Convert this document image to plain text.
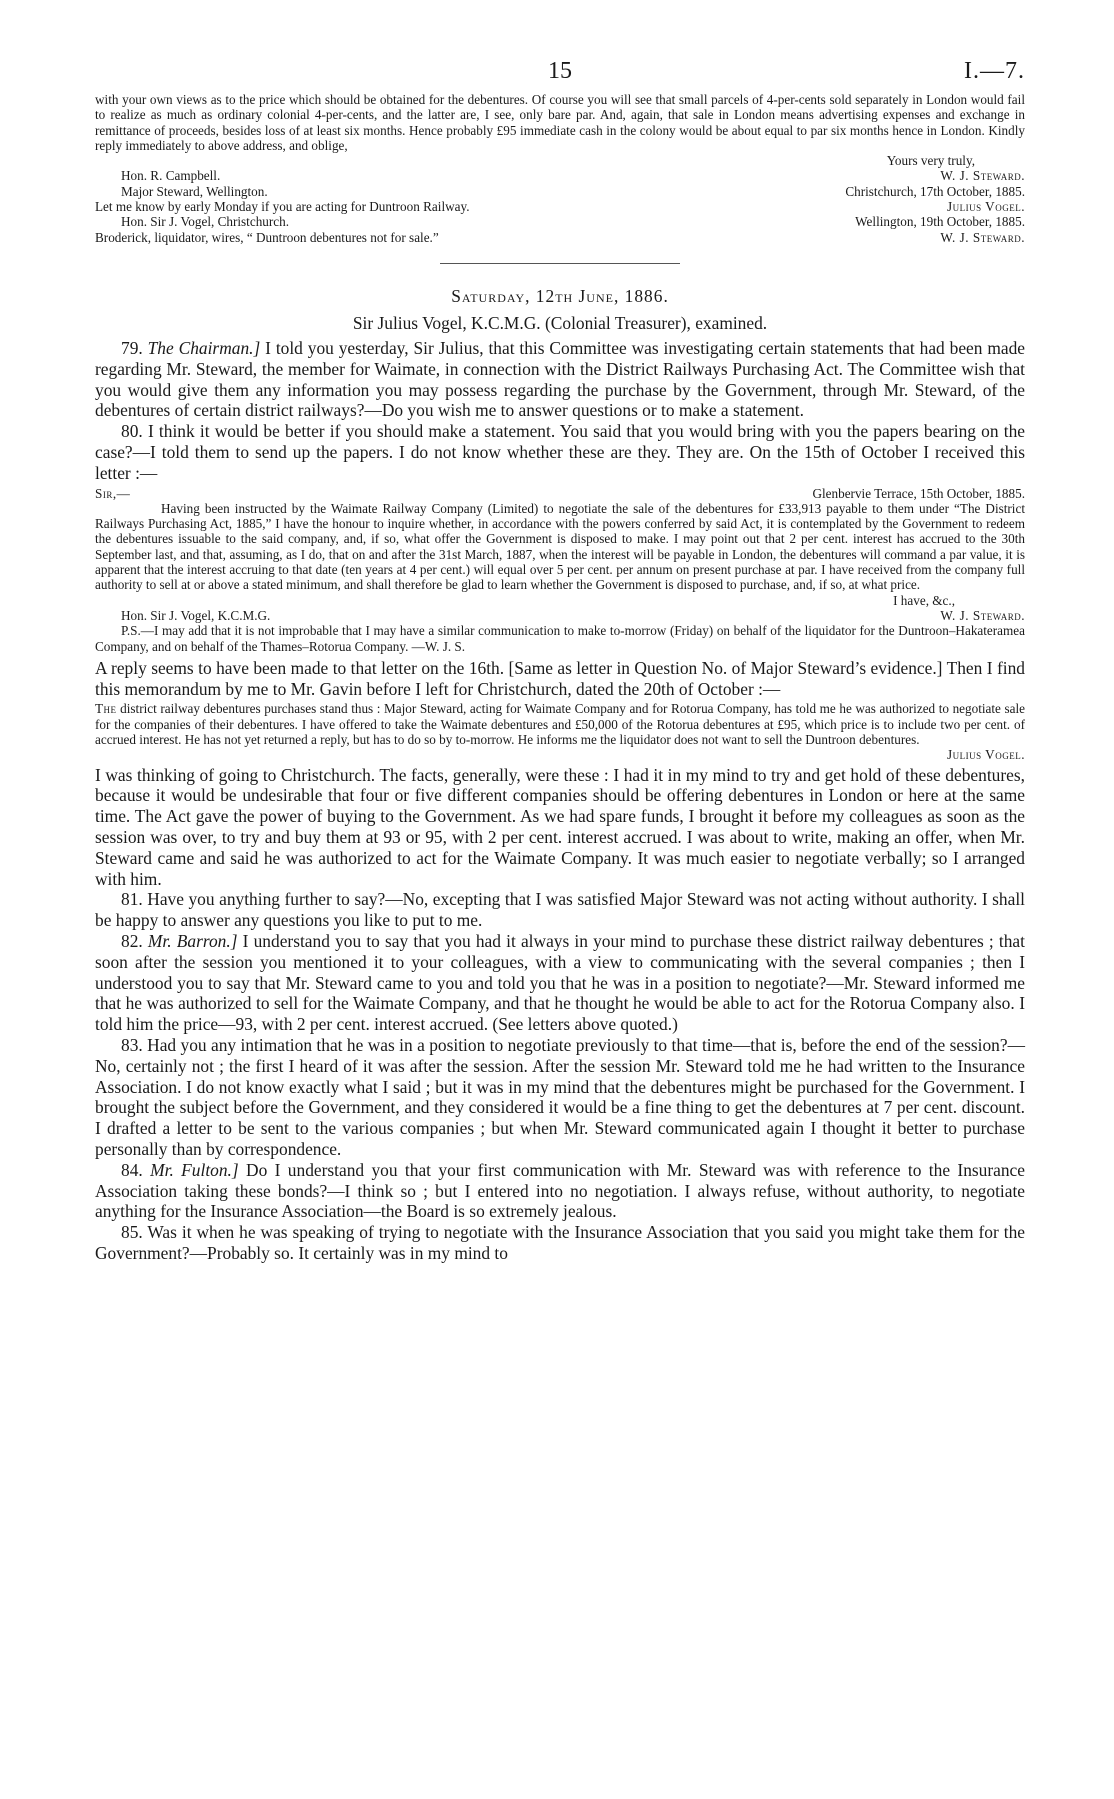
15	I.—7.

with your own views as to the price which should be obtained for the debentures. Of course you will see that small parcels of 4-per-cents sold separately in London would fail to realize as much as ordinary colonial 4-per-cents, and the latter are, I see, only bare par. And, again, that sale in London means advertising expenses and exchange in remittance of proceeds, besides loss of at least six months. Hence probably £95 immediate cash in the colony would be about equal to par six months hence in London. Kindly reply immediately to above address, and oblige,

Yours very truly,
Hon. R. Campbell.	W. J. Steward.
Major Steward, Wellington.	Christchurch, 17th October, 1885.
Let me know by early Monday if you are acting for Duntroon Railway.	Julius Vogel.
Hon. Sir J. Vogel, Christchurch.	Wellington, 19th October, 1885.
Broderick, liquidator, wires, “ Duntroon debentures not for sale.”	W. J. Steward.
Saturday, 12th June, 1886.
Sir Julius Vogel, K.C.M.G. (Colonial Treasurer), examined.

79. The Chairman.] I told you yesterday, Sir Julius, that this Committee was investigating certain statements that had been made regarding Mr. Steward, the member for Waimate, in connection with the District Railways Purchasing Act. The Committee wish that you would give them any information you may possess regarding the purchase by the Government, through Mr. Steward, of the debentures of certain district railways?—Do you wish me to answer questions or to make a statement.

80. I think it would be better if you should make a statement. You said that you would bring with you the papers bearing on the case?—I told them to send up the papers. I do not know whether these are they. They are. On the 15th of October I received this letter :—

Sir,—	Glenbervie Terrace, 15th October, 1885.

Having been instructed by the Waimate Railway Company (Limited) to negotiate the sale of the debentures for £33,913 payable to them under “The District Railways Purchasing Act, 1885,” I have the honour to inquire whether, in accordance with the powers conferred by said Act, it is contemplated by the Government to redeem the debentures issuable to the said company, and, if so, what offer the Government is disposed to make. I may point out that 2 per cent. interest has accrued to the 30th September last, and that, assuming, as I do, that on and after the 31st March, 1887, when the interest will be payable in London, the debentures will command a par value, it is apparent that the interest accruing to that date (ten years at 4 per cent.) will equal over 5 per cent. per annum on present purchase at par. I have received from the company full authority to sell at or above a stated minimum, and shall therefore be glad to learn whether the Government is disposed to purchase, and, if so, at what price.

I have, &c.,
Hon. Sir J. Vogel, K.C.M.G.	W. J. Steward.

P.S.—I may add that it is not improbable that I may have a similar communication to make to-morrow (Friday) on behalf of the liquidator for the Duntroon–Hakateramea Company, and on behalf of the Thames–Rotorua Company. —W. J. S.

A reply seems to have been made to that letter on the 16th. [Same as letter in Question No. of Major Steward’s evidence.] Then I find this memorandum by me to Mr. Gavin before I left for Christchurch, dated the 20th of October :—

The district railway debentures purchases stand thus : Major Steward, acting for Waimate Company and for Rotorua Company, has told me he was authorized to negotiate sale for the companies of their debentures. I have offered to take the Waimate debentures and £50,000 of the Rotorua debentures at £95, which price is to include two per cent. of accrued interest. He has not yet returned a reply, but has to do so by to-morrow. He informs me the liquidator does not want to sell the Duntroon debentures.

Julius Vogel.

I was thinking of going to Christchurch. The facts, generally, were these : I had it in my mind to try and get hold of these debentures, because it would be undesirable that four or five different companies should be offering debentures in London or here at the same time. The Act gave the power of buying to the Government. As we had spare funds, I brought it before my colleagues as soon as the session was over, to try and buy them at 93 or 95, with 2 per cent. interest accrued. I was about to write, making an offer, when Mr. Steward came and said he was authorized to act for the Waimate Company. It was much easier to negotiate verbally; so I arranged with him.

81. Have you anything further to say?—No, excepting that I was satisfied Major Steward was not acting without authority. I shall be happy to answer any questions you like to put to me.

82. Mr. Barron.] I understand you to say that you had it always in your mind to purchase these district railway debentures ; that soon after the session you mentioned it to your colleagues, with a view to communicating with the several companies ; then I understood you to say that Mr. Steward came to you and told you that he was in a position to negotiate?—Mr. Steward informed me that he was authorized to sell for the Waimate Company, and that he thought he would be able to act for the Rotorua Company also. I told him the price—93, with 2 per cent. interest accrued. (See letters above quoted.)

83. Had you any intimation that he was in a position to negotiate previously to that time—that is, before the end of the session?—No, certainly not ; the first I heard of it was after the session. After the session Mr. Steward told me he had written to the Insurance Association. I do not know exactly what I said ; but it was in my mind that the debentures might be purchased for the Government. I brought the subject before the Government, and they considered it would be a fine thing to get the debentures at 7 per cent. discount. I drafted a letter to be sent to the various companies ; but when Mr. Steward communicated again I thought it better to purchase personally than by correspondence.

84. Mr. Fulton.] Do I understand you that your first communication with Mr. Steward was with reference to the Insurance Association taking these bonds?—I think so ; but I entered into no negotiation. I always refuse, without authority, to negotiate anything for the Insurance Association—the Board is so extremely jealous.

85. Was it when he was speaking of trying to negotiate with the Insurance Association that you said you might take them for the Government?—Probably so. It certainly was in my mind to
